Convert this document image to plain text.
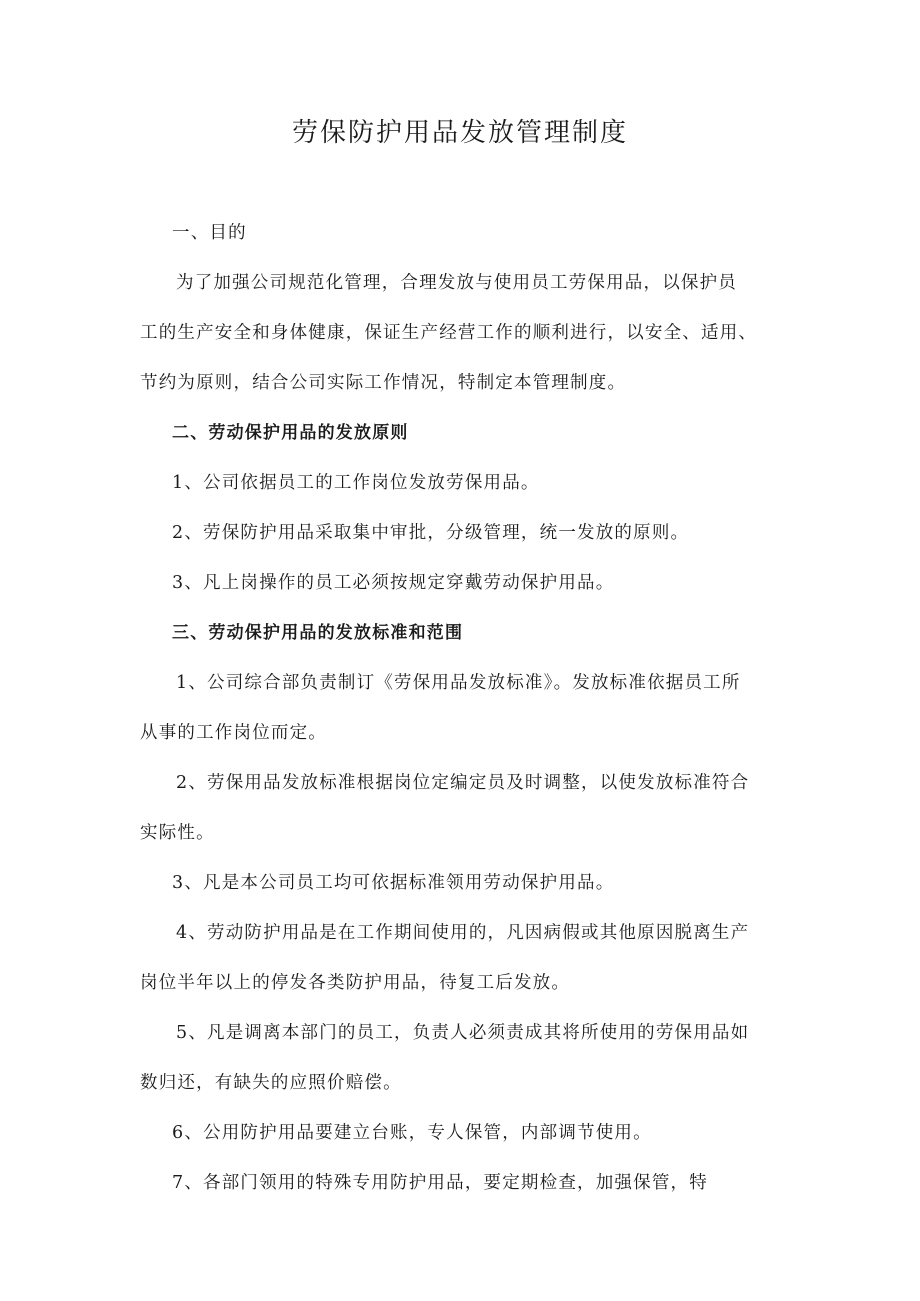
劳保防护用品发放管理制度

一、目的

为了加强公司规范化管理，合理发放与使用员工劳保用品，以保护员

工的生产安全和身体健康，保证生产经营工作的顺利进行，以安全、适用、

节约为原则，结合公司实际工作情况，特制定本管理制度。

二、劳动保护用品的发放原则

1、公司依据员工的工作岗位发放劳保用品。

2、劳保防护用品采取集中审批，分级管理，统一发放的原则。

3、凡上岗操作的员工必须按规定穿戴劳动保护用品。

三、劳动保护用品的发放标准和范围

1、公司综合部负责制订《劳保用品发放标准》。发放标准依据员工所

从事的工作岗位而定。

2、劳保用品发放标准根据岗位定编定员及时调整，以使发放标准符合

实际性。

3、凡是本公司员工均可依据标准领用劳动保护用品。

4、劳动防护用品是在工作期间使用的，凡因病假或其他原因脱离生产

岗位半年以上的停发各类防护用品，待复工后发放。

5、凡是调离本部门的员工，负责人必须责成其将所使用的劳保用品如

数归还，有缺失的应照价赔偿。

6、公用防护用品要建立台账，专人保管，内部调节使用。

7、各部门领用的特殊专用防护用品，要定期检查，加强保管，特
